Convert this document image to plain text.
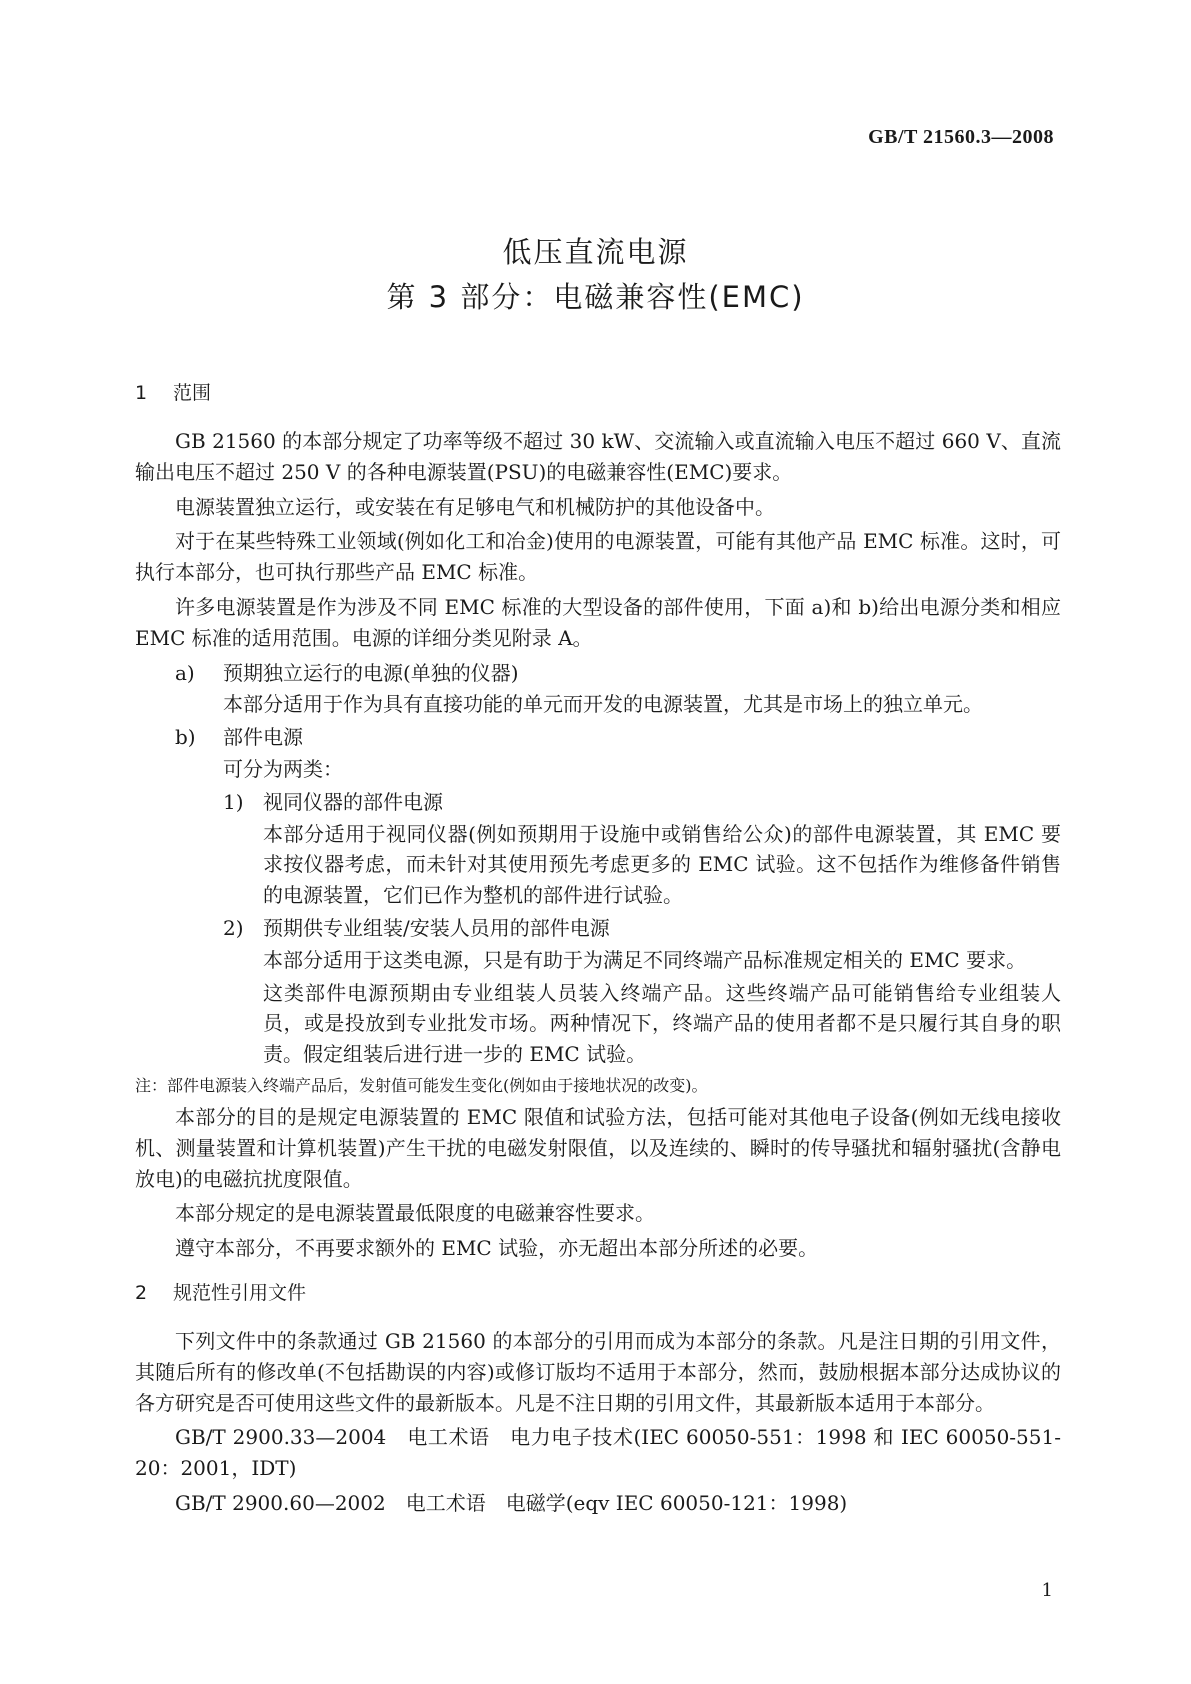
GB/T 21560.3—2008
低压直流电源
第 3 部分：电磁兼容性(EMC)
1 范围

GB 21560 的本部分规定了功率等级不超过 30 kW、交流输入或直流输入电压不超过 660 V、直流输出电压不超过 250 V 的各种电源装置(PSU)的电磁兼容性(EMC)要求。

电源装置独立运行，或安装在有足够电气和机械防护的其他设备中。

对于在某些特殊工业领域(例如化工和冶金)使用的电源装置，可能有其他产品 EMC 标准。这时，可执行本部分，也可执行那些产品 EMC 标准。

许多电源装置是作为涉及不同 EMC 标准的大型设备的部件使用，下面 a)和 b)给出电源分类和相应 EMC 标准的适用范围。电源的详细分类见附录 A。

a)	预期独立运行的电源(单独的仪器)

本部分适用于作为具有直接功能的单元而开发的电源装置，尤其是市场上的独立单元。

b)	部件电源

可分为两类：

1) 视同仪器的部件电源

本部分适用于视同仪器(例如预期用于设施中或销售给公众)的部件电源装置，其 EMC 要求按仪器考虑，而未针对其使用预先考虑更多的 EMC 试验。这不包括作为维修备件销售的电源装置，它们已作为整机的部件进行试验。

2) 预期供专业组装/安装人员用的部件电源

本部分适用于这类电源，只是有助于为满足不同终端产品标准规定相关的 EMC 要求。

这类部件电源预期由专业组装人员装入终端产品。这些终端产品可能销售给专业组装人员，或是投放到专业批发市场。两种情况下，终端产品的使用者都不是只履行其自身的职责。假定组装后进行进一步的 EMC 试验。

注：部件电源装入终端产品后，发射值可能发生变化(例如由于接地状况的改变)。

本部分的目的是规定电源装置的 EMC 限值和试验方法，包括可能对其他电子设备(例如无线电接收机、测量装置和计算机装置)产生干扰的电磁发射限值，以及连续的、瞬时的传导骚扰和辐射骚扰(含静电放电)的电磁抗扰度限值。

本部分规定的是电源装置最低限度的电磁兼容性要求。

遵守本部分，不再要求额外的 EMC 试验，亦无超出本部分所述的必要。

2 规范性引用文件

下列文件中的条款通过 GB 21560 的本部分的引用而成为本部分的条款。凡是注日期的引用文件，其随后所有的修改单(不包括勘误的内容)或修订版均不适用于本部分，然而，鼓励根据本部分达成协议的各方研究是否可使用这些文件的最新版本。凡是不注日期的引用文件，其最新版本适用于本部分。

GB/T 2900.33—2004　电工术语　电力电子技术(IEC 60050-551：1998 和 IEC 60050-551-20：2001，IDT)

GB/T 2900.60—2002　电工术语　电磁学(eqv IEC 60050-121：1998)

1
